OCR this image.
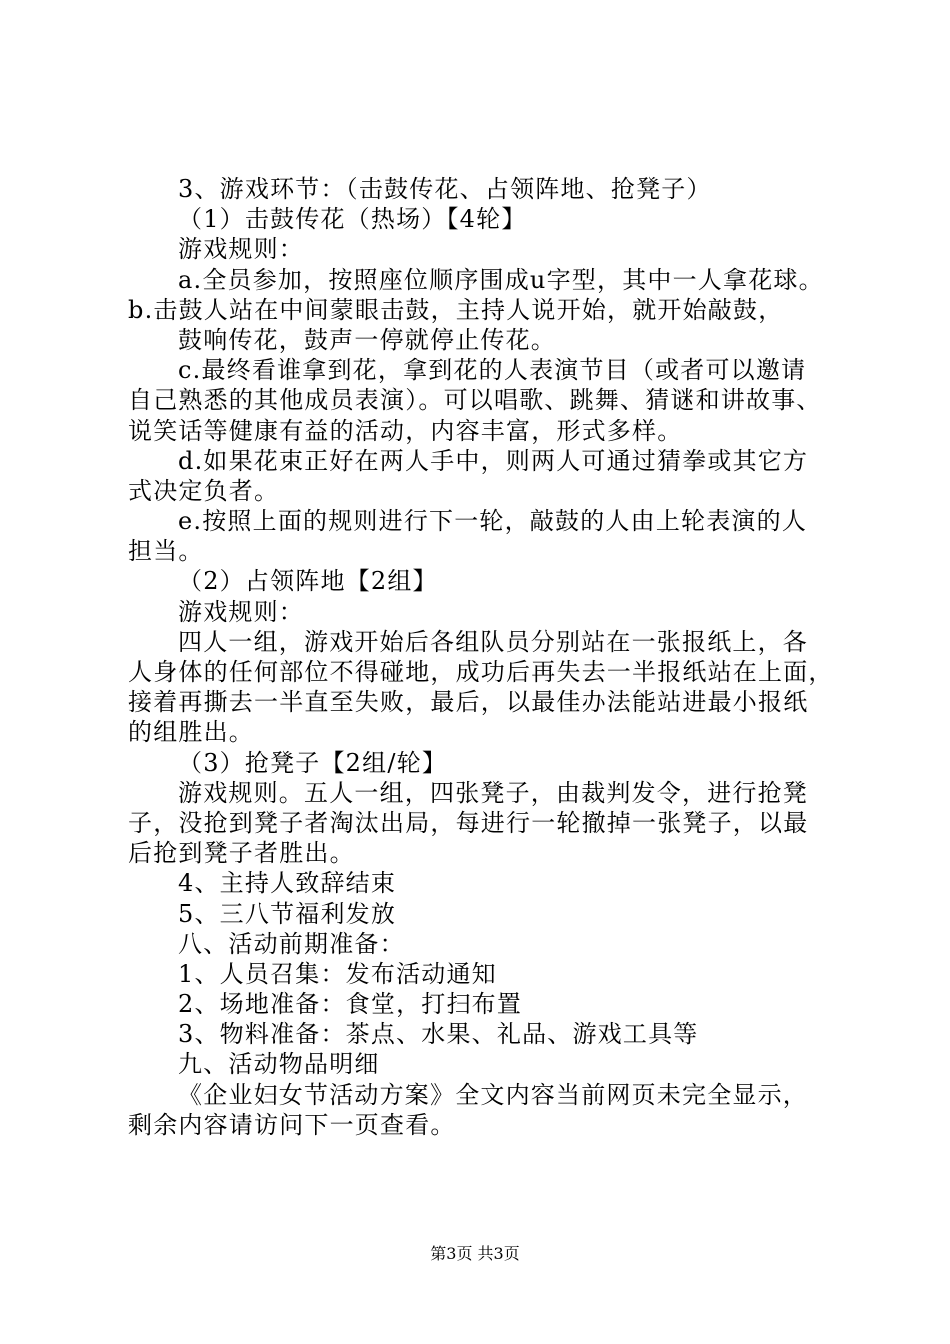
3、游戏环节：（击鼓传花、占领阵地、抢凳子）
（1）击鼓传花（热场）【4轮】
游戏规则：
a.全员参加，按照座位顺序围成u字型，其中一人拿花球。
b.击鼓人站在中间蒙眼击鼓，主持人说开始，就开始敲鼓，
鼓响传花，鼓声一停就停止传花。
c.最终看谁拿到花，拿到花的人表演节目（或者可以邀请
自己熟悉的其他成员表演）。可以唱歌、跳舞、猜谜和讲故事、
说笑话等健康有益的活动，内容丰富，形式多样。
d.如果花束正好在两人手中，则两人可通过猜拳或其它方
式决定负者。
e.按照上面的规则进行下一轮，敲鼓的人由上轮表演的人
担当。
（2）占领阵地【2组】
游戏规则：
四人一组，游戏开始后各组队员分别站在一张报纸上，各
人身体的任何部位不得碰地，成功后再失去一半报纸站在上面，
接着再撕去一半直至失败，最后，以最佳办法能站进最小报纸
的组胜出。
（3）抢凳子【2组/轮】
游戏规则。五人一组，四张凳子，由裁判发令，进行抢凳
子，没抢到凳子者淘汰出局，每进行一轮撤掉一张凳子，以最
后抢到凳子者胜出。
4、主持人致辞结束
5、三八节福利发放
八、活动前期准备：
1、人员召集：发布活动通知
2、场地准备：食堂，打扫布置
3、物料准备：茶点、水果、礼品、游戏工具等
九、活动物品明细
《企业妇女节活动方案》全文内容当前网页未完全显示，
剩余内容请访问下一页查看。
第3页 共3页
